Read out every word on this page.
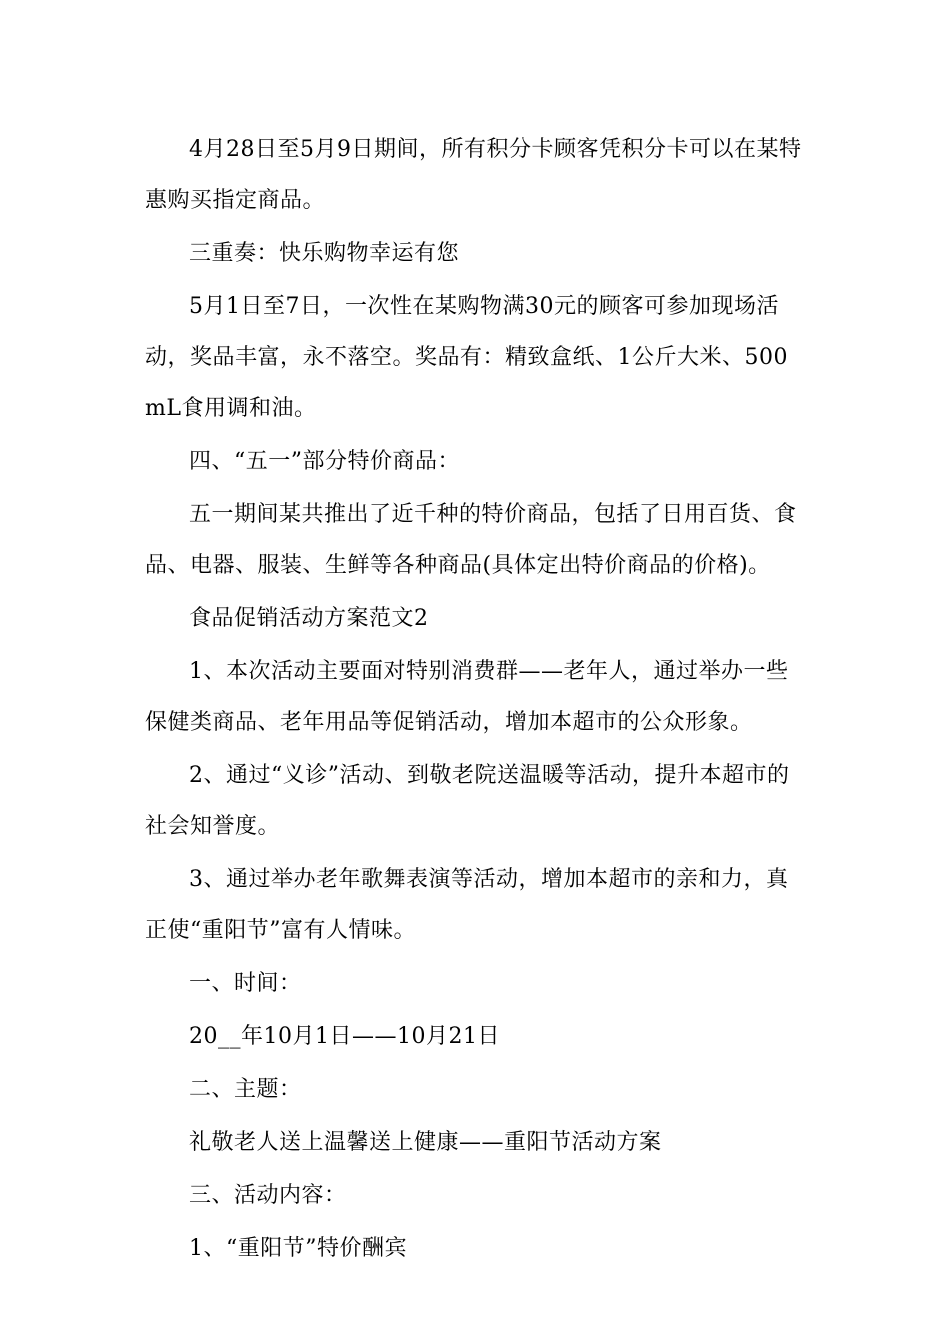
4月28日至5月9日期间，所有积分卡顾客凭积分卡可以在某特惠购买指定商品。

三重奏：快乐购物幸运有您

5月1日至7日，一次性在某购物满30元的顾客可参加现场活动，奖品丰富，永不落空。奖品有：精致盒纸、1公斤大米、500mL食用调和油。

四、“五一”部分特价商品：

五一期间某共推出了近千种的特价商品，包括了日用百货、食品、电器、服装、生鲜等各种商品(具体定出特价商品的价格)。

食品促销活动方案范文2

1、本次活动主要面对特别消费群——老年人，通过举办一些保健类商品、老年用品等促销活动，增加本超市的公众形象。

2、通过“义诊”活动、到敬老院送温暖等活动，提升本超市的社会知誉度。

3、通过举办老年歌舞表演等活动，增加本超市的亲和力，真正使“重阳节”富有人情味。

一、时间：

20__年10月1日——10月21日

二、主题：

礼敬老人送上温馨送上健康——重阳节活动方案

三、活动内容：

1、“重阳节”特价酬宾
